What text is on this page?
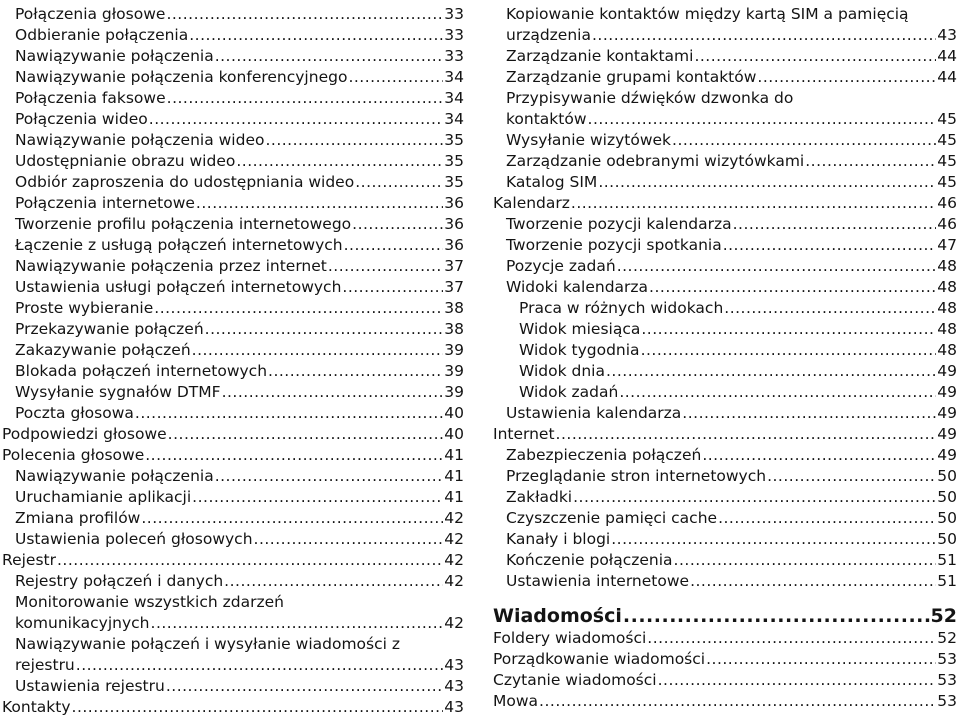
Połączenia głosowe .....	33
Odbieranie połączenia .....	33
Nawiązywanie połączenia .....	33
Nawiązywanie połączenia konferencyjnego .....	34
Połączenia faksowe .....	34
Połączenia wideo .....	34
Nawiązywanie połączenia wideo .....	35
Udostępnianie obrazu wideo .....	35
Odbiór zaproszenia do udostępniania wideo .....	35
Połączenia internetowe .....	36
Tworzenie profilu połączenia internetowego .....	36
Łączenie z usługą połączeń internetowych .....	36
Nawiązywanie połączenia przez internet .....	37
Ustawienia usługi połączeń internetowych .....	37
Proste wybieranie .....	38
Przekazywanie połączeń .....	38
Zakazywanie połączeń .....	39
Blokada połączeń internetowych .....	39
Wysyłanie sygnałów DTMF .....	39
Poczta głosowa .....	40
Podpowiedzi głosowe .....	40
Polecenia głosowe .....	41
Nawiązywanie połączenia .....	41
Uruchamianie aplikacji .....	41
Zmiana profilów .....	42
Ustawienia poleceń głosowych .....	42
Rejestr .....	42
Rejestry połączeń i danych .....	42
Monitorowanie wszystkich zdarzeń
komunikacyjnych .....	42
Nawiązywanie połączeń i wysyłanie wiadomości z
rejestru .....	43
Ustawienia rejestru .....	43
Kontakty .....	43
Kopiowanie kontaktów między kartą SIM a pamięcią
urządzenia .....	43
Zarządzanie kontaktami .....	44
Zarządzanie grupami kontaktów .....	44
Przypisywanie dźwięków dzwonka do
kontaktów .....	45
Wysyłanie wizytówek .....	45
Zarządzanie odebranymi wizytówkami .....	45
Katalog SIM .....	45
Kalendarz .....	46
Tworzenie pozycji kalendarza .....	46
Tworzenie pozycji spotkania .....	47
Pozycje zadań .....	48
Widoki kalendarza .....	48
Praca w różnych widokach .....	48
Widok miesiąca .....	48
Widok tygodnia .....	48
Widok dnia .....	49
Widok zadań .....	49
Ustawienia kalendarza .....	49
Internet .....	49
Zabezpieczenia połączeń .....	49
Przeglądanie stron internetowych .....	50
Zakładki .....	50
Czyszczenie pamięci cache .....	50
Kanały i blogi .....	50
Kończenie połączenia .....	51
Ustawienia internetowe .....	51
Wiadomości .....	52
Foldery wiadomości .....	52
Porządkowanie wiadomości .....	53
Czytanie wiadomości .....	53
Mowa .....	53
